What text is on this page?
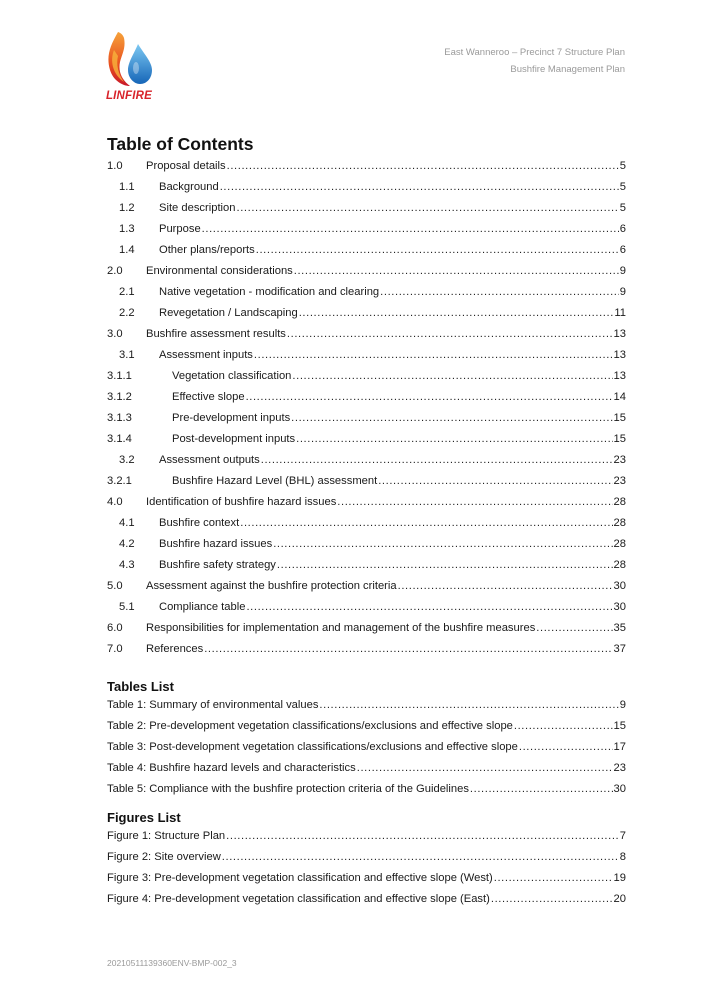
LINFIRE
East Wanneroo – Precinct 7 Structure Plan
Bushfire Management Plan
Table of Contents
1.0	Proposal details .....	5
1.1	Background .....	5
1.2	Site description .....	5
1.3	Purpose .....	6
1.4	Other plans/reports .....	6
2.0	Environmental considerations .....	9
2.1	Native vegetation - modification and clearing .....	9
2.2	Revegetation / Landscaping .....	11
3.0	Bushfire assessment results .....	13
3.1	Assessment inputs .....	13
3.1.1	Vegetation classification .....	13
3.1.2	Effective slope .....	14
3.1.3	Pre-development inputs .....	15
3.1.4	Post-development inputs .....	15
3.2	Assessment outputs .....	23
3.2.1	Bushfire Hazard Level (BHL) assessment .....	23
4.0	Identification of bushfire hazard issues .....	28
4.1	Bushfire context .....	28
4.2	Bushfire hazard issues .....	28
4.3	Bushfire safety strategy .....	28
5.0	Assessment against the bushfire protection criteria .....	30
5.1	Compliance table .....	30
6.0	Responsibilities for implementation and management of the bushfire measures .....	35
7.0	References .....	37
Tables List
Table 1: Summary of environmental values .....	9
Table 2: Pre-development vegetation classifications/exclusions and effective slope .....	15
Table 3: Post-development vegetation classifications/exclusions and effective slope .....	17
Table 4: Bushfire hazard levels and characteristics .....	23
Table 5: Compliance with the bushfire protection criteria of the Guidelines .....	30
Figures List
Figure 1: Structure Plan .....	7
Figure 2: Site overview .....	8
Figure 3: Pre-development vegetation classification and effective slope (West) .....	19
Figure 4: Pre-development vegetation classification and effective slope (East) .....	20
20210511139360ENV-BMP-002_3
